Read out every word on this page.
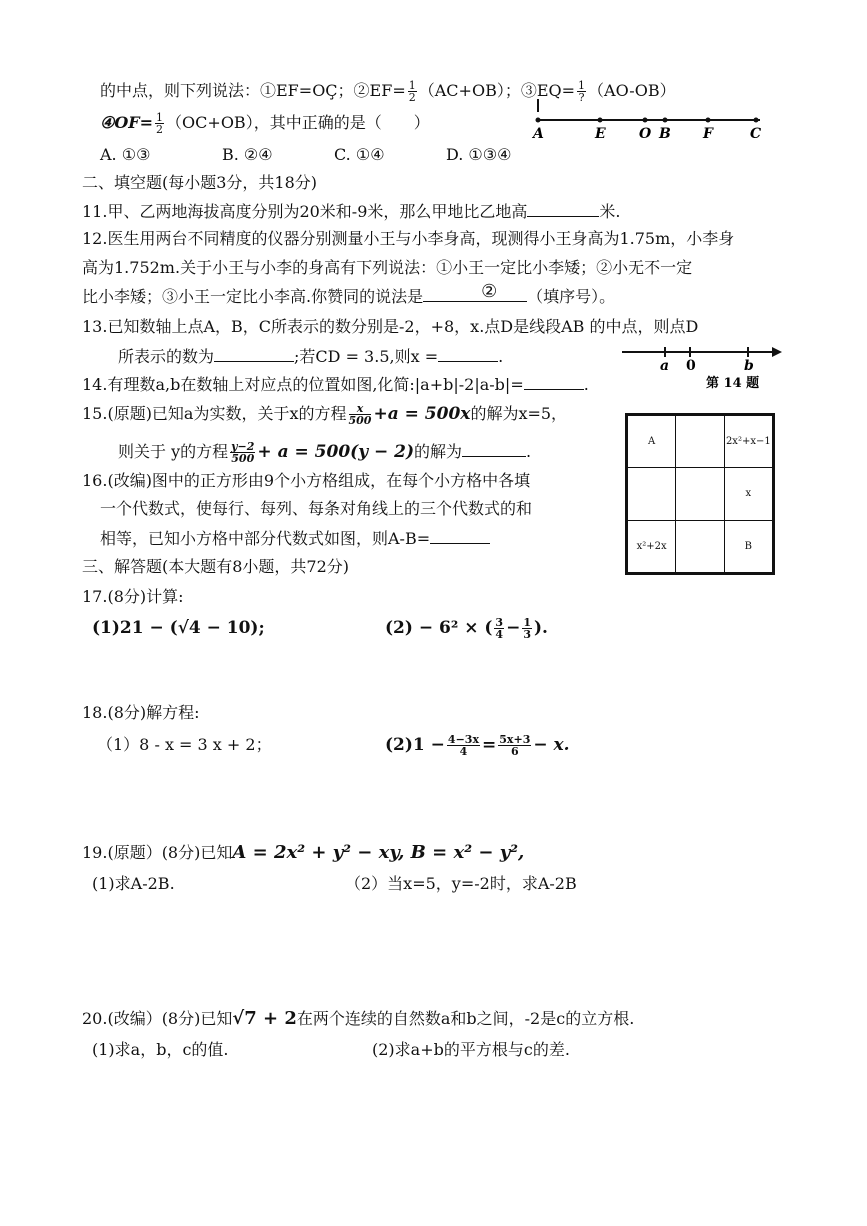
的中点，则下列说法：①EF=OÇ；②EF= $\frac{1}{2} (AC+OB)$；③EQ= $\frac{1}{?} (AO-OB)$
④OF= $\frac{1}{2} (OC+OB)$，其中正确的是（　　）
A	E O B F	C
A. ①③	B. ②④	C. ①④	D. ①③④
二、填空题(每小题3分，共18分)
11.甲、乙两地海拔高度分别为20米和-9米，那么甲地比乙地高	米.
12.医生用两台不同精度的仪器分别测量小王与小李身高，现测得小王身高为1.75m，小李身
高为1.752m.关于小王与小李的身高有下列说法：①小王一定比小李矮；②小无不一定
比小李矮；③小王一定比小李高.你赞同的说法是	② （填序号）。
13.已知数轴上点A，B，C所表示的数分别是-2，+8，x.点D是线段AB 的中点，则点D
所表示的数为	;若CD = 3.5,则x =	.	a 0	b
第 14 题
14.有理数a,b在数轴上对应点的位置如图,化简:|a+b|-2|a-b|=	.
15.(原题)已知a为实数，关于x的方程 $\frac{x}{500} +a = 500x$的解为x=5，
则关于 y的方程 $\frac{y-2}{500} + a = 500(y - 2)$的解为	.
16.(改编)图中的正方形由9个小方格组成，在每个小方格中各填
一个代数式，使每行、每列、每条对角线上的三个代数式的和
相等，已知小方格中部分代数式如图，则A-B=
A		2x²+x−1
		x
x²+2x		B
三、解答题(本大题有8小题，共72分)
17.(8分)计算:
(1)21 − (√4 − 10);	(2) − 6² × ( $\frac{3}{4} - \frac{1}{3}$ ).
18.(8分)解方程:
（1）8 - x = 3 x + 2；	$(2)1 - \frac{4-3x}{4} = \frac{5x+3}{6} - x$.
19.(原题）(8分)已知A = 2x² + y² − xy, B = x² − y²,
(1)求A-2B.	（2）当x=5，y=-2时，求A-2B
20.(改编）(8分)已知√7 + 2在两个连续的自然数a和b之间，-2是c的立方根.
(1)求a，b，c的值.	(2)求a+b的平方根与c的差.
